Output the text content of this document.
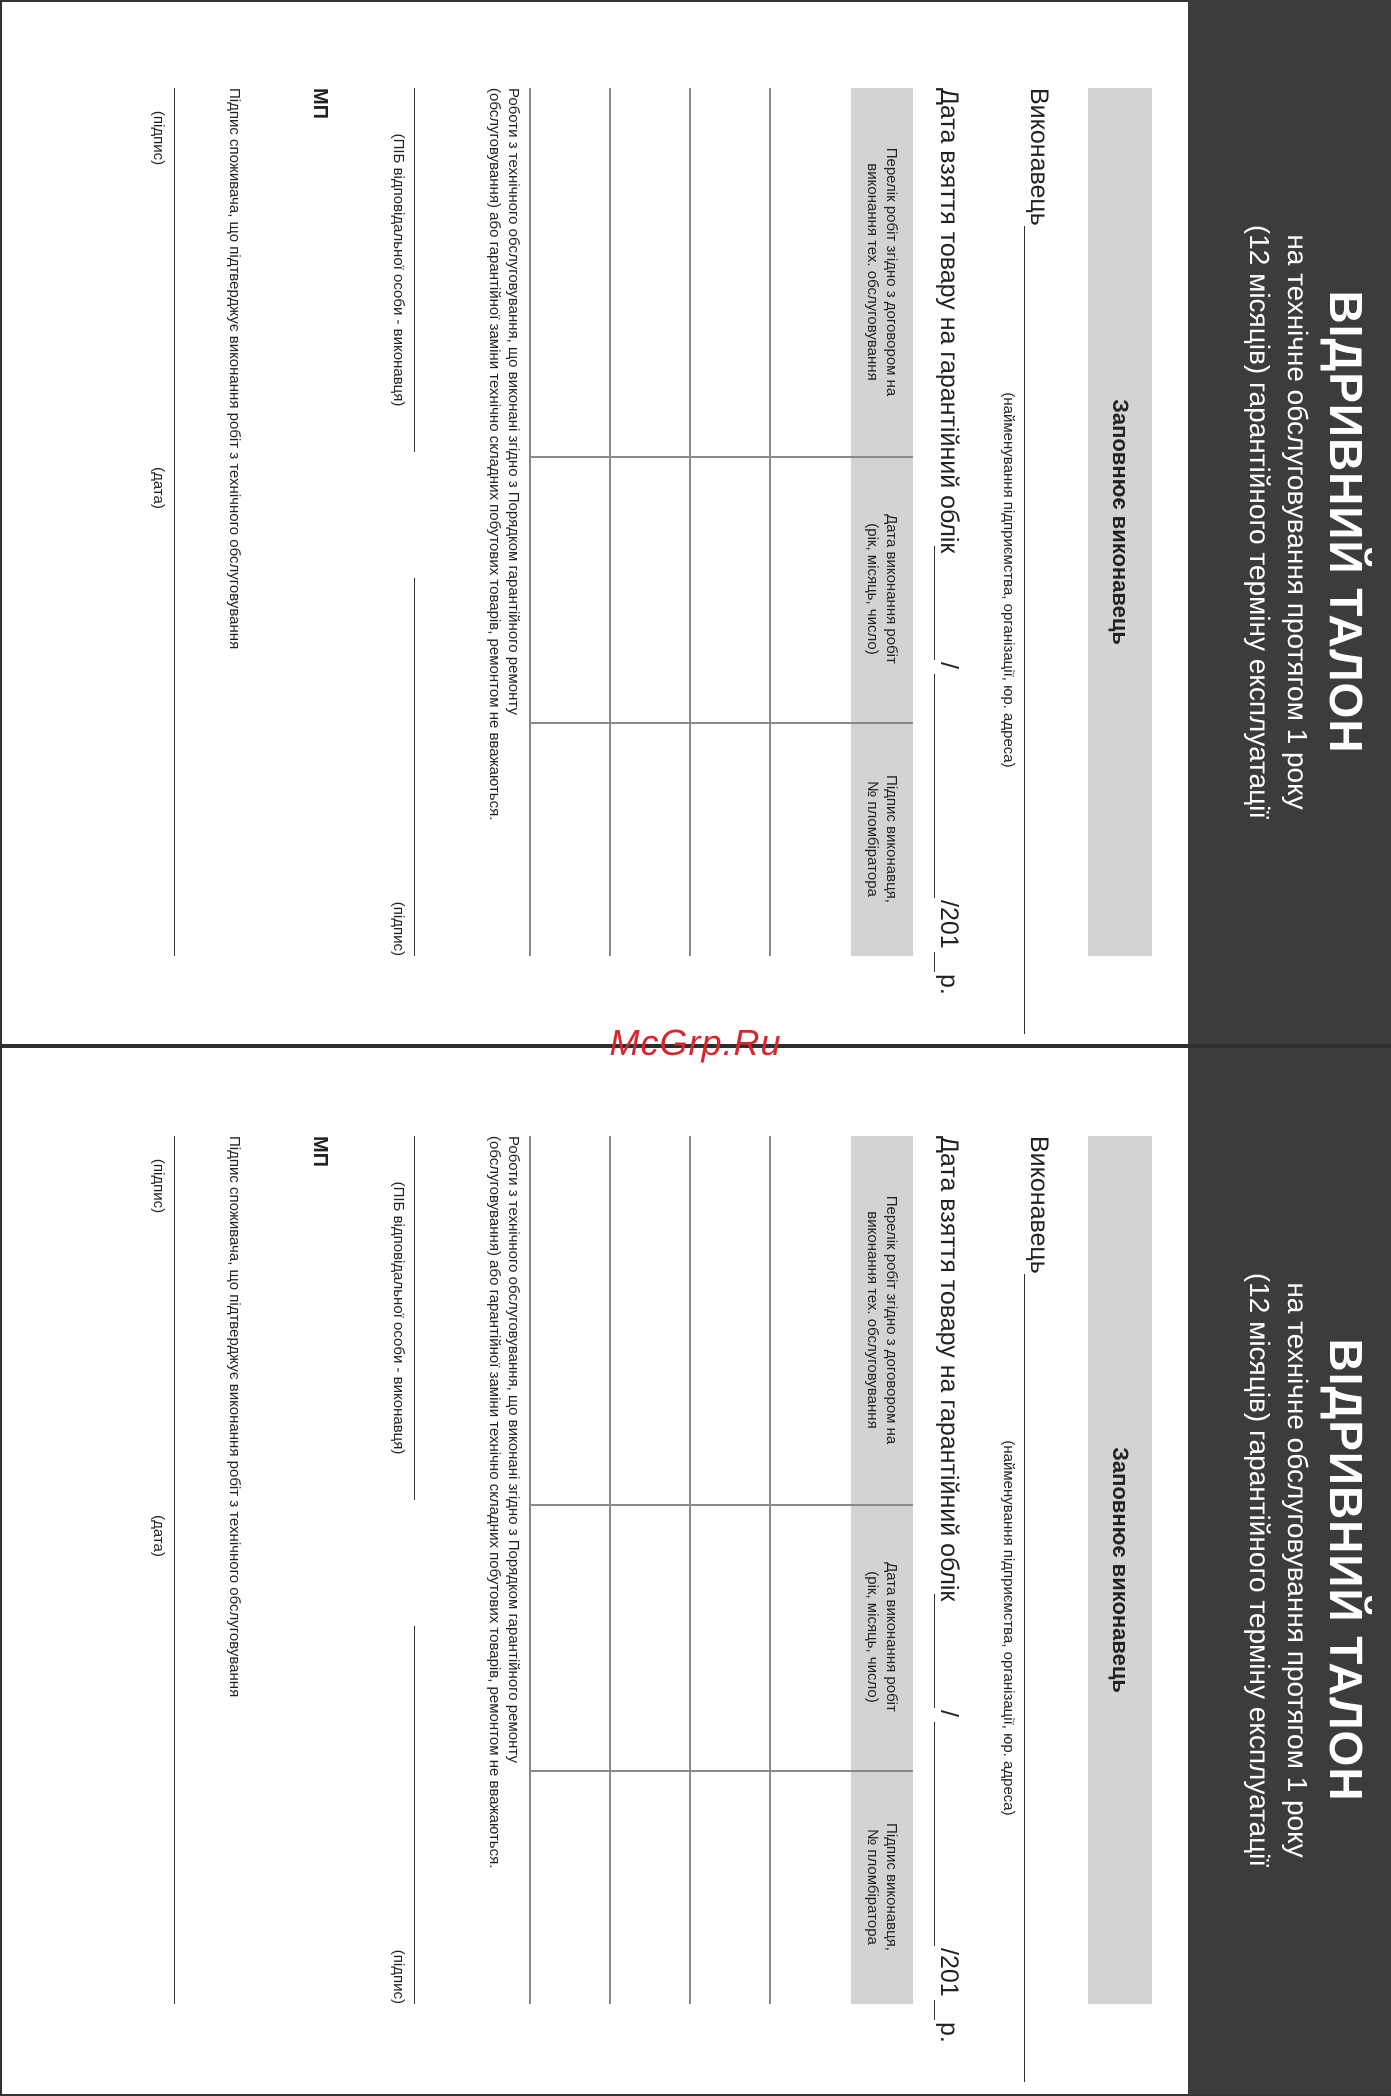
ВІДРИВНИЙ ТАЛОН
на технічне обслуговування протягом 1 року
(12 місяців) гарантійного терміну експлуатації
Заповнює виконавець
Виконавець
(найменування підприємства, організації, юр. адреса)
Дата взяття товару на гарантійний облік
/
/201
р.
Перелік робіт згідно з договором на
виконання тех. обслуговування
Дата виконання робіт
(рік, місяць, число)
Підпис виконавця,
№ пломбіратора
Роботи з технічного обслуговування, що виконані згідно з Порядком гарантійного ремонту
(обслуговування) або гарантійної заміни технічно складних побутових товарів, ремонтом не вважаються.
(ПІБ відповідальної особи - виконавця)
(підпис)
МП
Підпис споживача, що підтверджує виконання робіт з технічного обслуговування
(підпис)
(дата)
ВІДРИВНИЙ ТАЛОН
на технічне обслуговування протягом 1 року
(12 місяців) гарантійного терміну експлуатації
Заповнює виконавець
Виконавець
(найменування підприємства, організації, юр. адреса)
Дата взяття товару на гарантійний облік
/
/201
р.
Перелік робіт згідно з договором на
виконання тех. обслуговування
Дата виконання робіт
(рік, місяць, число)
Підпис виконавця,
№ пломбіратора
Роботи з технічного обслуговування, що виконані згідно з Порядком гарантійного ремонту
(обслуговування) або гарантійної заміни технічно складних побутових товарів, ремонтом не вважаються.
(ПІБ відповідальної особи - виконавця)
(підпис)
МП
Підпис споживача, що підтверджує виконання робіт з технічного обслуговування
(підпис)
(дата)
McGrp.Ru
